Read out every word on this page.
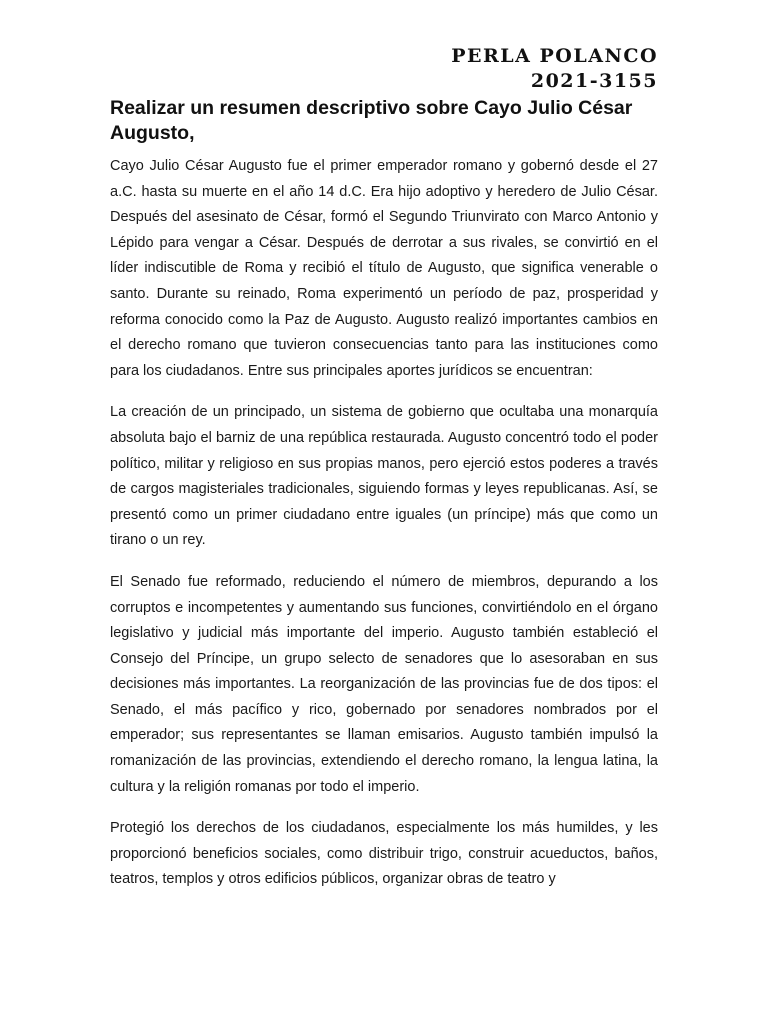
PERLA POLANCO
2021-3155
Realizar un resumen descriptivo sobre Cayo Julio César Augusto,

Cayo Julio César Augusto fue el primer emperador romano y gobernó desde el 27 a.C. hasta su muerte en el año 14 d.C. Era hijo adoptivo y heredero de Julio César. Después del asesinato de César, formó el Segundo Triunvirato con Marco Antonio y Lépido para vengar a César. Después de derrotar a sus rivales, se convirtió en el líder indiscutible de Roma y recibió el título de Augusto, que significa venerable o santo. Durante su reinado, Roma experimentó un período de paz, prosperidad y reforma conocido como la Paz de Augusto. Augusto realizó importantes cambios en el derecho romano que tuvieron consecuencias tanto para las instituciones como para los ciudadanos. Entre sus principales aportes jurídicos se encuentran:

La creación de un principado, un sistema de gobierno que ocultaba una monarquía absoluta bajo el barniz de una república restaurada. Augusto concentró todo el poder político, militar y religioso en sus propias manos, pero ejerció estos poderes a través de cargos magisteriales tradicionales, siguiendo formas y leyes republicanas. Así, se presentó como un primer ciudadano entre iguales (un príncipe) más que como un tirano o un rey.

El Senado fue reformado, reduciendo el número de miembros, depurando a los corruptos e incompetentes y aumentando sus funciones, convirtiéndolo en el órgano legislativo y judicial más importante del imperio. Augusto también estableció el Consejo del Príncipe, un grupo selecto de senadores que lo asesoraban en sus decisiones más importantes. La reorganización de las provincias fue de dos tipos: el Senado, el más pacífico y rico, gobernado por senadores nombrados por el emperador; sus representantes se llaman emisarios. Augusto también impulsó la romanización de las provincias, extendiendo el derecho romano, la lengua latina, la cultura y la religión romanas por todo el imperio.

Protegió los derechos de los ciudadanos, especialmente los más humildes, y les proporcionó beneficios sociales, como distribuir trigo, construir acueductos, baños, teatros, templos y otros edificios públicos, organizar obras de teatro y
